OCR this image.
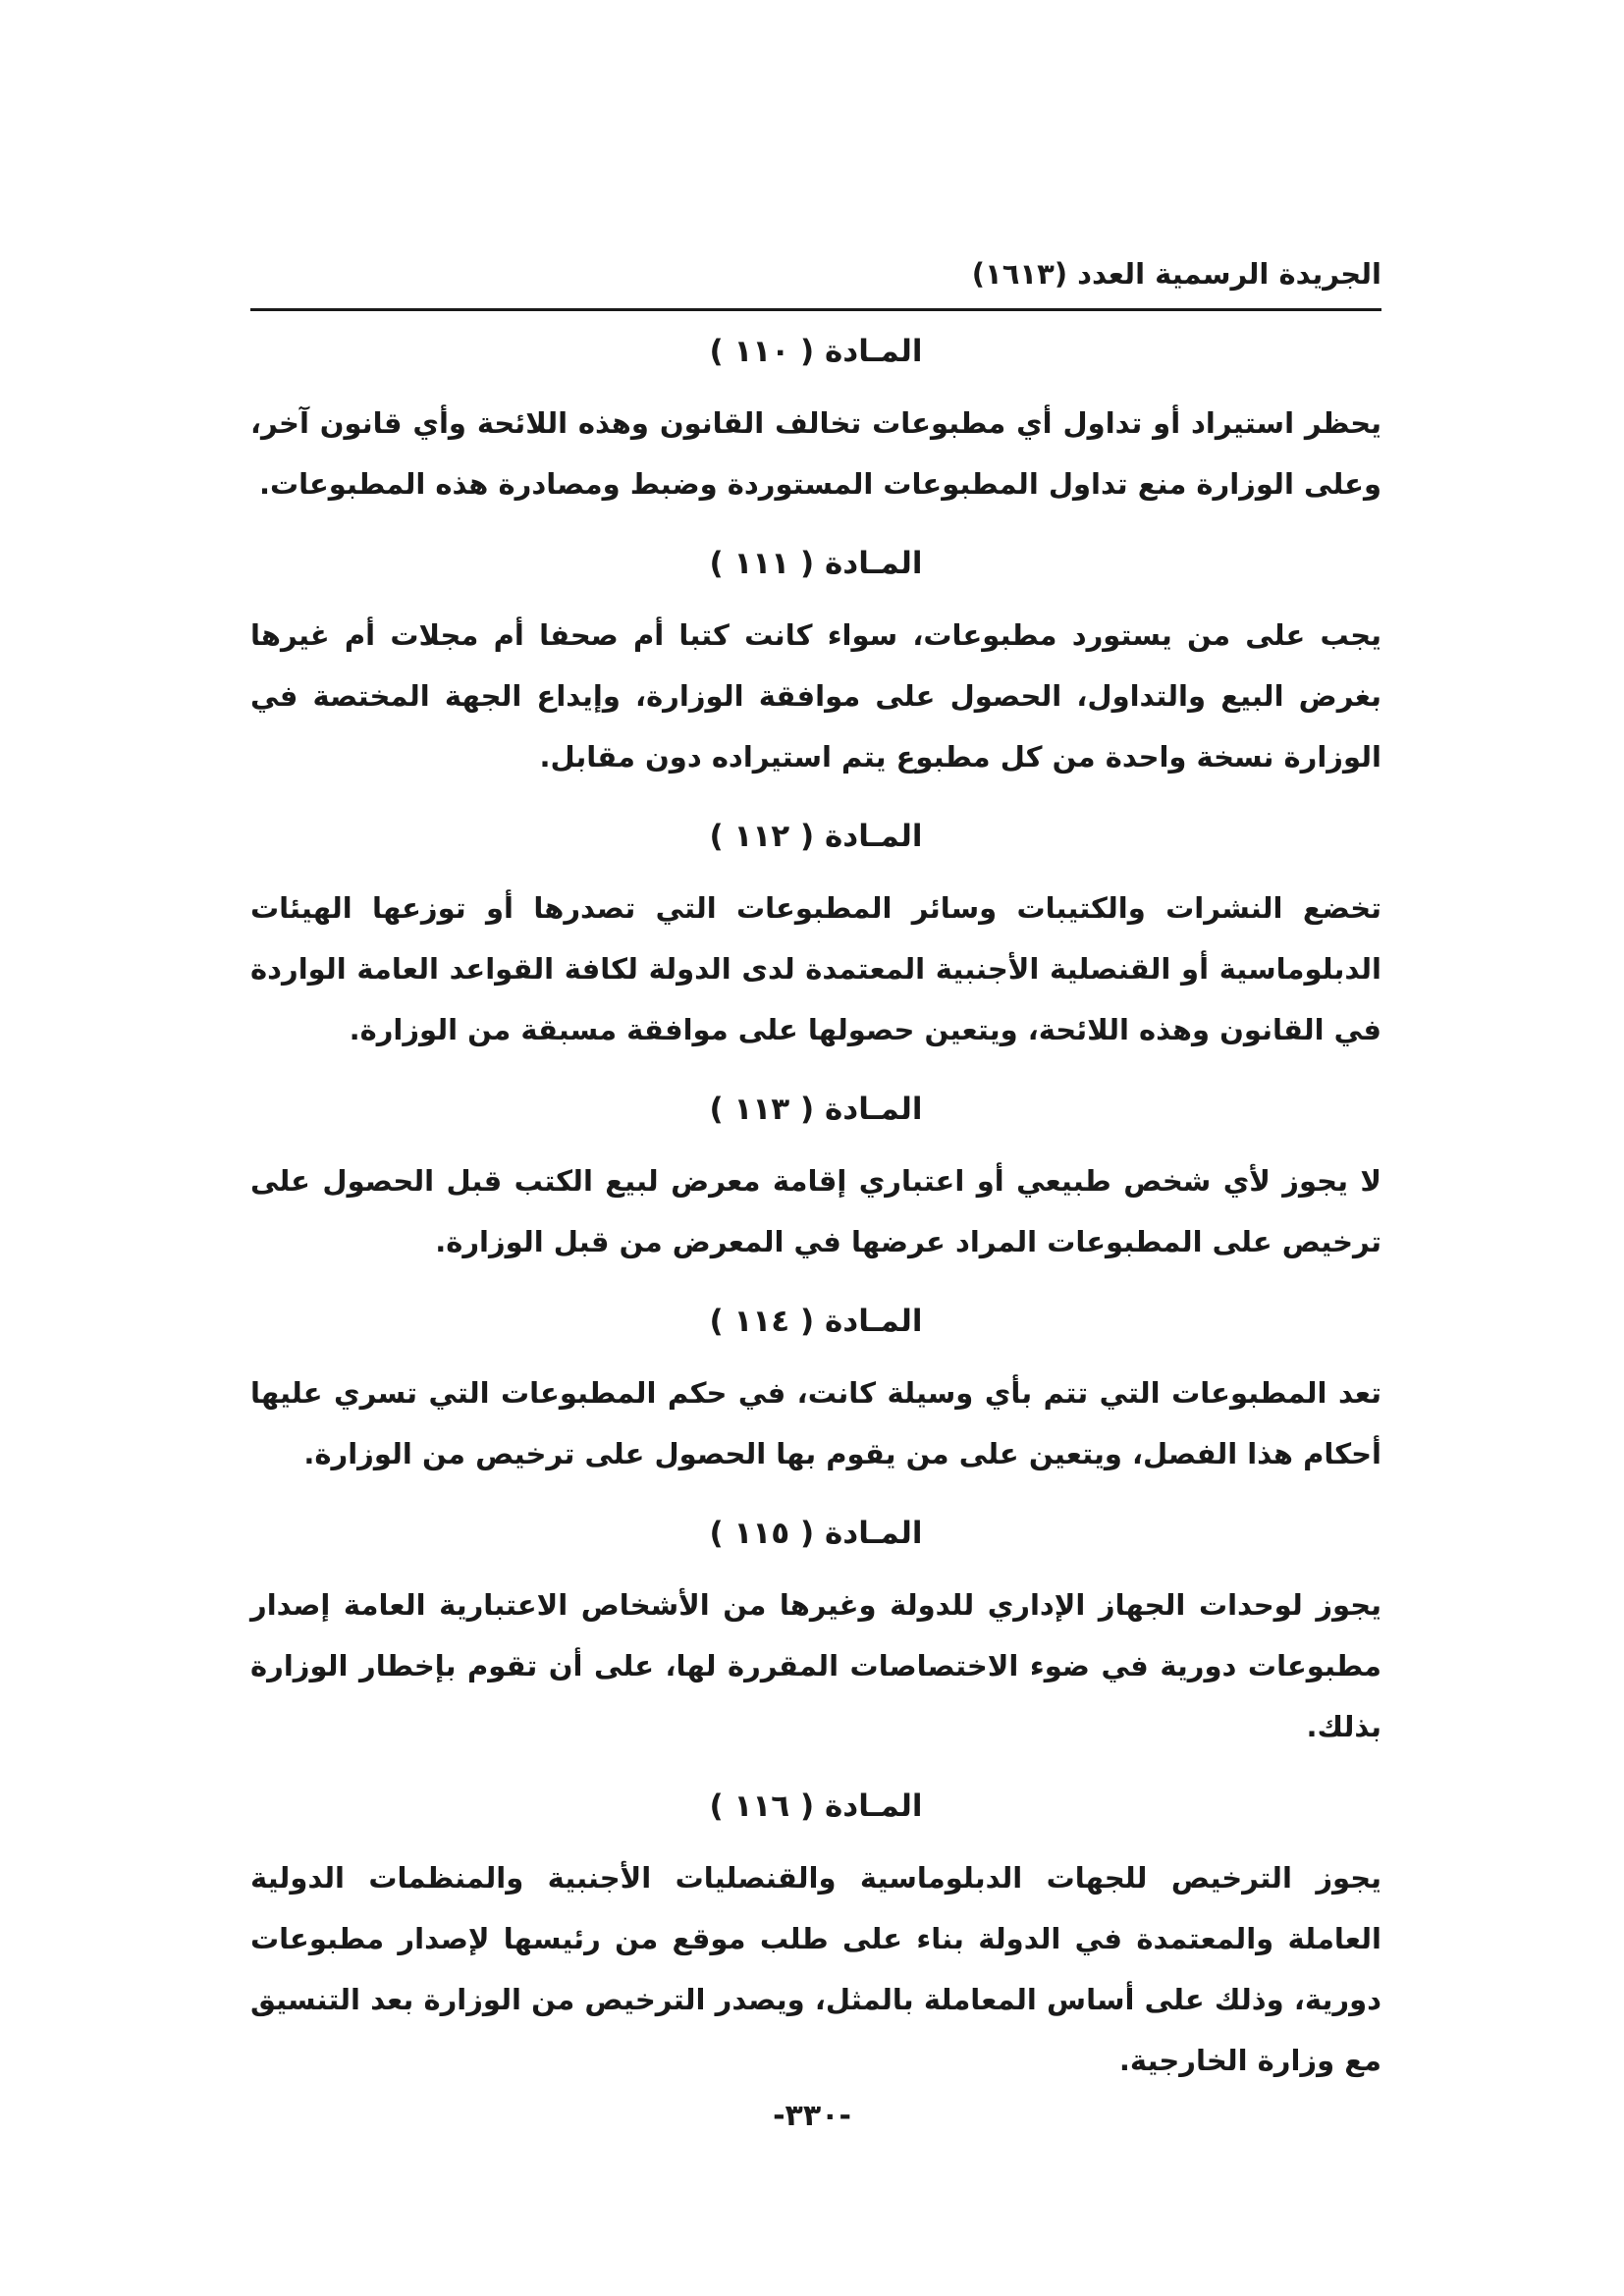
الجريدة الرسمية العدد (١٦١٣)
المـادة ( ١١٠ )

يحظر استيراد أو تداول أي مطبوعات تخالف القانون وهذه اللائحة وأي قانون آخر، وعلى الوزارة منع تداول المطبوعات المستوردة وضبط ومصادرة هذه المطبوعات.

المـادة ( ١١١ )

يجب على من يستورد مطبوعات، سواء كانت كتبا أم صحفا أم مجلات أم غيرها بغرض البيع والتداول، الحصول على موافقة الوزارة، وإيداع الجهة المختصة في الوزارة نسخة واحدة من كل مطبوع يتم استيراده دون مقابل.

المـادة ( ١١٢ )

تخضع النشرات والكتيبات وسائر المطبوعات التي تصدرها أو توزعها الهيئات الدبلوماسية أو القنصلية الأجنبية المعتمدة لدى الدولة لكافة القواعد العامة الواردة في القانون وهذه اللائحة، ويتعين حصولها على موافقة مسبقة من الوزارة.

المـادة ( ١١٣ )

لا يجوز لأي شخص طبيعي أو اعتباري إقامة معرض لبيع الكتب قبل الحصول على ترخيص على المطبوعات المراد عرضها في المعرض من قبل الوزارة.

المـادة ( ١١٤ )

تعد المطبوعات التي تتم بأي وسيلة كانت، في حكم المطبوعات التي تسري عليها أحكام هذا الفصل، ويتعين على من يقوم بها الحصول على ترخيص من الوزارة.

المـادة ( ١١٥ )

يجوز لوحدات الجهاز الإداري للدولة وغيرها من الأشخاص الاعتبارية العامة إصدار مطبوعات دورية في ضوء الاختصاصات المقررة لها، على أن تقوم بإخطار الوزارة بذلك.

المـادة ( ١١٦ )

يجوز الترخيص للجهات الدبلوماسية والقنصليات الأجنبية والمنظمات الدولية العاملة والمعتمدة في الدولة بناء على طلب موقع من رئيسها لإصدار مطبوعات دورية، وذلك على أساس المعاملة بالمثل، ويصدر الترخيص من الوزارة بعد التنسيق مع وزارة الخارجية.

-٣٣٠-
